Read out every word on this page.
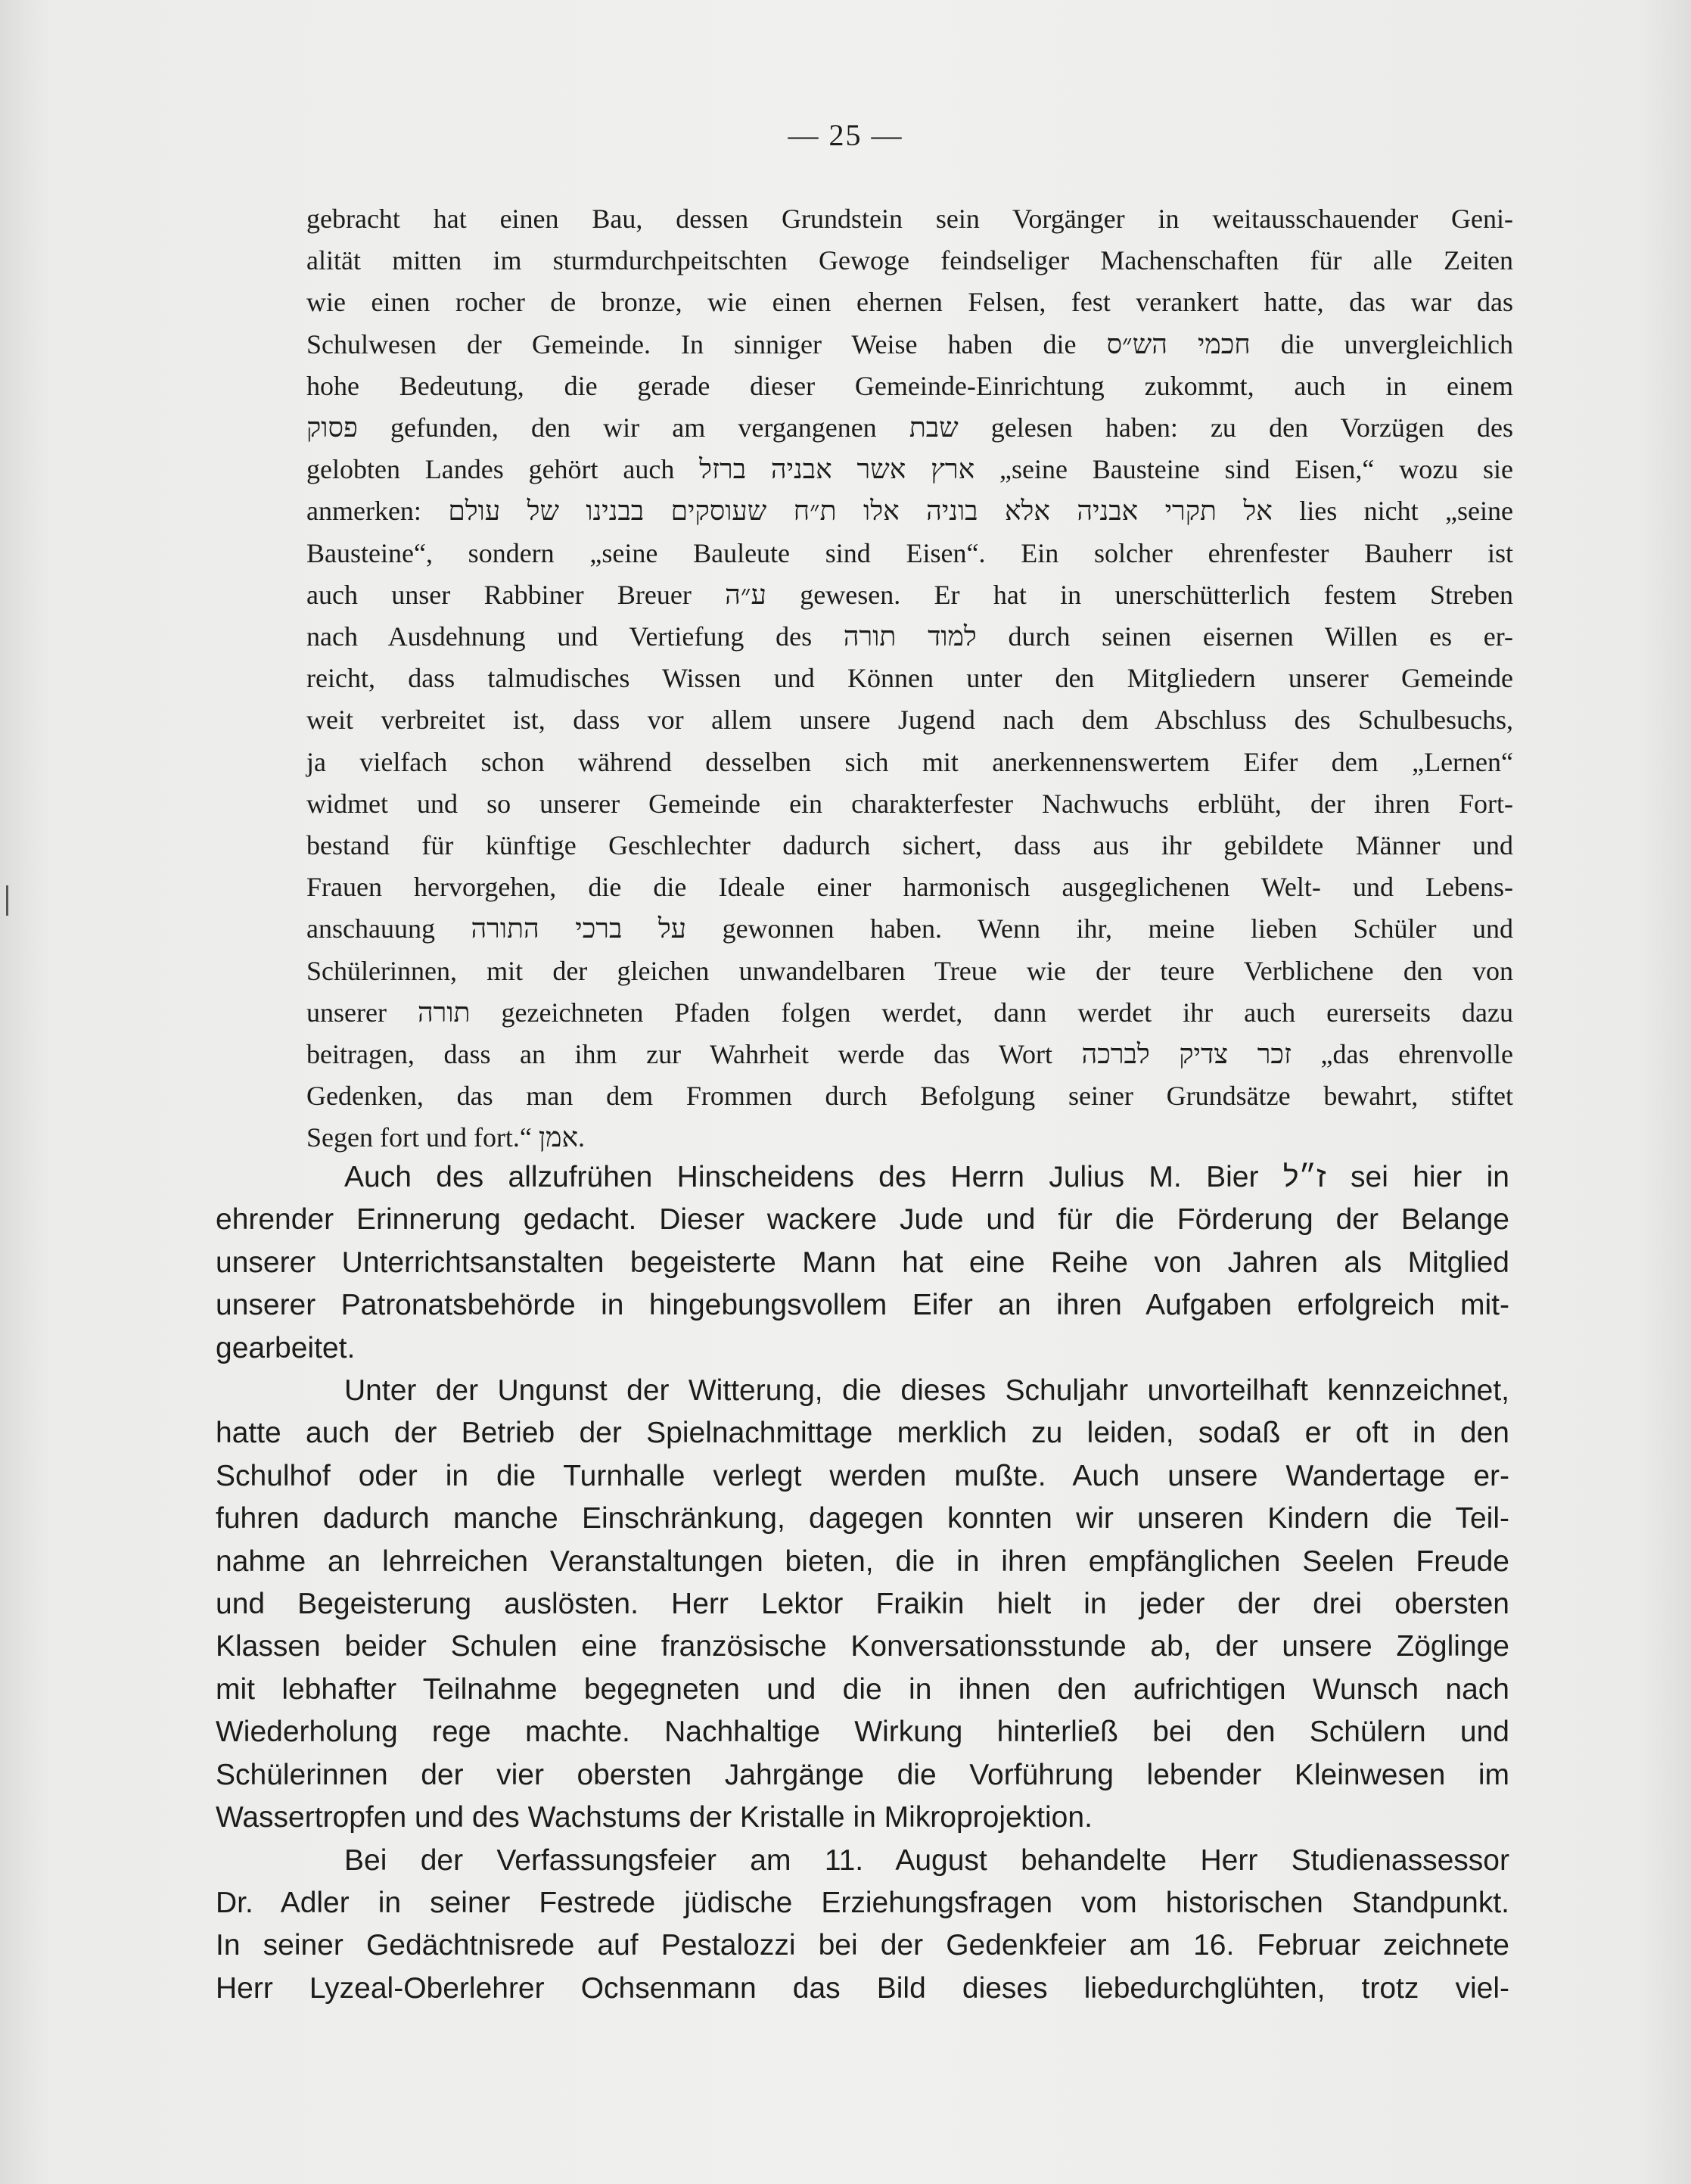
— 25 —
gebracht hat einen Bau, dessen Grundstein sein Vorgänger in weitausschauender Geni-
alität mitten im sturmdurchpeitschten Gewoge feindseliger Machenschaften für alle Zeiten
wie einen rocher de bronze, wie einen ehernen Felsen, fest verankert hatte, das war das
Schulwesen der Gemeinde. In sinniger Weise haben die חכמי הש״ס die unvergleichlich
hohe Bedeutung, die gerade dieser Gemeinde-Einrichtung zukommt, auch in einem
פסוק gefunden, den wir am vergangenen שבת gelesen haben: zu den Vorzügen des
gelobten Landes gehört auch ארץ אשר אבניה ברזל „seine Bausteine sind Eisen,“ wozu sie
anmerken: אל תקרי אבניה אלא בוניה אלו ת״ח שעוסקים בבנינו של עולם lies nicht „seine
Bausteine“, sondern „seine Bauleute sind Eisen“. Ein solcher ehrenfester Bauherr ist
auch unser Rabbiner Breuer ע״ה gewesen. Er hat in unerschütterlich festem Streben
nach Ausdehnung und Vertiefung des למוד תורה durch seinen eisernen Willen es er-
reicht, dass talmudisches Wissen und Können unter den Mitgliedern unserer Gemeinde
weit verbreitet ist, dass vor allem unsere Jugend nach dem Abschluss des Schulbesuchs,
ja vielfach schon während desselben sich mit anerkennenswertem Eifer dem „Lernen“
widmet und so unserer Gemeinde ein charakterfester Nachwuchs erblüht, der ihren Fort-
bestand für künftige Geschlechter dadurch sichert, dass aus ihr gebildete Männer und
Frauen hervorgehen, die die Ideale einer harmonisch ausgeglichenen Welt- und Lebens-
anschauung על ברכי התורה gewonnen haben. Wenn ihr, meine lieben Schüler und
Schülerinnen, mit der gleichen unwandelbaren Treue wie der teure Verblichene den von
unserer תורה gezeichneten Pfaden folgen werdet, dann werdet ihr auch eurerseits dazu
beitragen, dass an ihm zur Wahrheit werde das Wort זכר צדיק לברכה „das ehrenvolle
Gedenken, das man dem Frommen durch Befolgung seiner Grundsätze bewahrt, stiftet
Segen fort und fort.“ אמן.
Auch des allzufrühen Hinscheidens des Herrn Julius M. Bier ז״ל sei hier in
ehrender Erinnerung gedacht. Dieser wackere Jude und für die Förderung der Belange
unserer Unterrichtsanstalten begeisterte Mann hat eine Reihe von Jahren als Mitglied
unserer Patronatsbehörde in hingebungsvollem Eifer an ihren Aufgaben erfolgreich mit-
gearbeitet.
Unter der Ungunst der Witterung, die dieses Schuljahr unvorteilhaft kennzeichnet,
hatte auch der Betrieb der Spielnachmittage merklich zu leiden, sodaß er oft in den
Schulhof oder in die Turnhalle verlegt werden mußte. Auch unsere Wandertage er-
fuhren dadurch manche Einschränkung, dagegen konnten wir unseren Kindern die Teil-
nahme an lehrreichen Veranstaltungen bieten, die in ihren empfänglichen Seelen Freude
und Begeisterung auslösten. Herr Lektor Fraikin hielt in jeder der drei obersten
Klassen beider Schulen eine französische Konversationsstunde ab, der unsere Zöglinge
mit lebhafter Teilnahme begegneten und die in ihnen den aufrichtigen Wunsch nach
Wiederholung rege machte. Nachhaltige Wirkung hinterließ bei den Schülern und
Schülerinnen der vier obersten Jahrgänge die Vorführung lebender Kleinwesen im
Wassertropfen und des Wachstums der Kristalle in Mikroprojektion.
Bei der Verfassungsfeier am 11. August behandelte Herr Studienassessor
Dr. Adler in seiner Festrede jüdische Erziehungsfragen vom historischen Standpunkt.
In seiner Gedächtnisrede auf Pestalozzi bei der Gedenkfeier am 16. Februar zeichnete
Herr Lyzeal-Oberlehrer Ochsenmann das Bild dieses liebedurchglühten, trotz viel-
